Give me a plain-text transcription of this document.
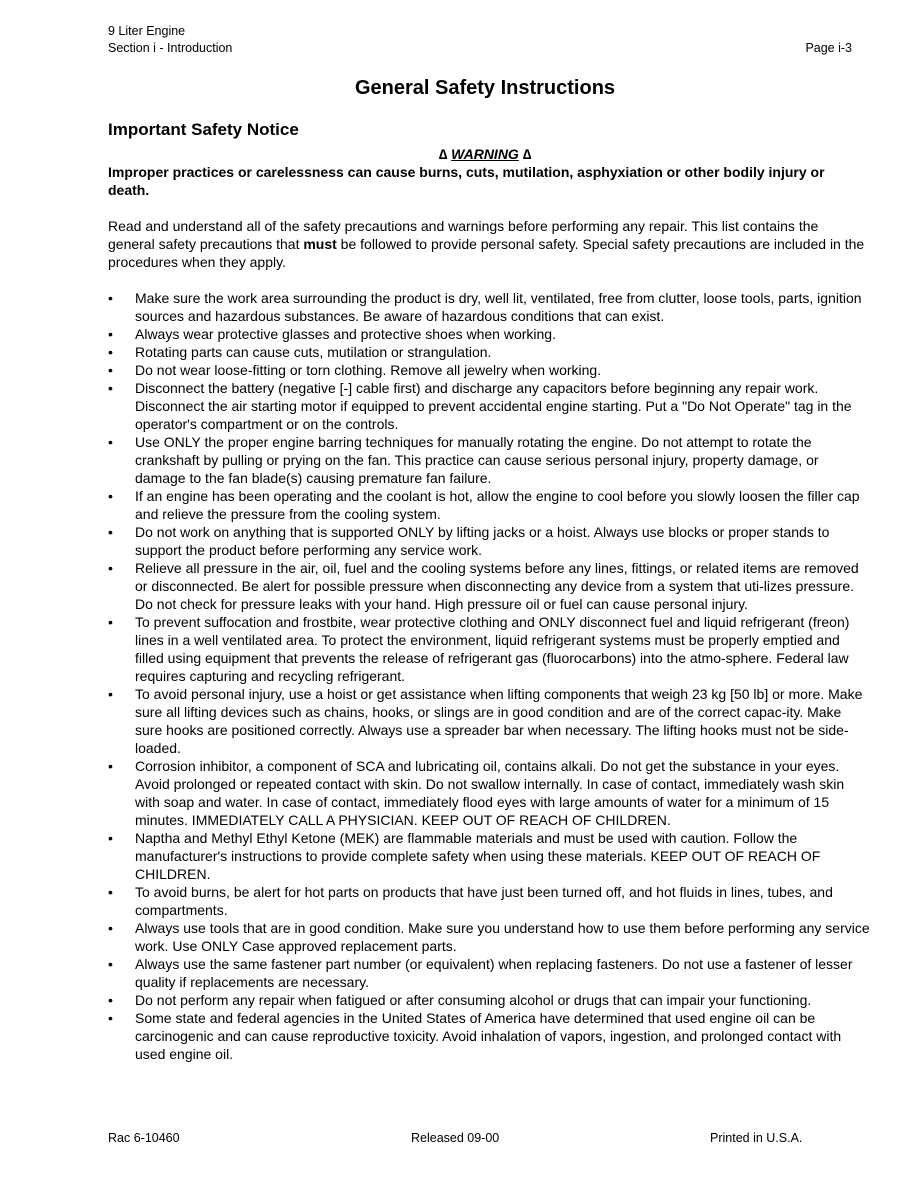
9 Liter Engine
Section i - Introduction	Page i-3
General Safety Instructions
Important Safety Notice
∆ WARNING ∆
Improper practices or carelessness can cause burns, cuts, mutilation, asphyxiation or other bodily injury or death.
Read and understand all of the safety precautions and warnings before performing any repair. This list contains the general safety precautions that must be followed to provide personal safety. Special safety precautions are included in the procedures when they apply.
• Make sure the work area surrounding the product is dry, well lit, ventilated, free from clutter, loose tools, parts, ignition sources and hazardous substances. Be aware of hazardous conditions that can exist.
• Always wear protective glasses and protective shoes when working.
• Rotating parts can cause cuts, mutilation or strangulation.
• Do not wear loose-fitting or torn clothing. Remove all jewelry when working.
• Disconnect the battery (negative [-] cable first) and discharge any capacitors before beginning any repair work. Disconnect the air starting motor if equipped to prevent accidental engine starting. Put a "Do Not Operate" tag in the operator's compartment or on the controls.
• Use ONLY the proper engine barring techniques for manually rotating the engine. Do not attempt to rotate the crankshaft by pulling or prying on the fan. This practice can cause serious personal injury, property damage, or damage to the fan blade(s) causing premature fan failure.
• If an engine has been operating and the coolant is hot, allow the engine to cool before you slowly loosen the filler cap and relieve the pressure from the cooling system.
• Do not work on anything that is supported ONLY by lifting jacks or a hoist. Always use blocks or proper stands to support the product before performing any service work.
• Relieve all pressure in the air, oil, fuel and the cooling systems before any lines, fittings, or related items are removed or disconnected. Be alert for possible pressure when disconnecting any device from a system that uti-lizes pressure. Do not check for pressure leaks with your hand. High pressure oil or fuel can cause personal injury.
• To prevent suffocation and frostbite, wear protective clothing and ONLY disconnect fuel and liquid refrigerant (freon) lines in a well ventilated area. To protect the environment, liquid refrigerant systems must be properly emptied and filled using equipment that prevents the release of refrigerant gas (fluorocarbons) into the atmo-sphere. Federal law requires capturing and recycling refrigerant.
• To avoid personal injury, use a hoist or get assistance when lifting components that weigh 23 kg [50 lb] or more. Make sure all lifting devices such as chains, hooks, or slings are in good condition and are of the correct capac-ity. Make sure hooks are positioned correctly. Always use a spreader bar when necessary. The lifting hooks must not be side-loaded.
• Corrosion inhibitor, a component of SCA and lubricating oil, contains alkali. Do not get the substance in your eyes. Avoid prolonged or repeated contact with skin. Do not swallow internally. In case of contact, immediately wash skin with soap and water. In case of contact, immediately flood eyes with large amounts of water for a minimum of 15 minutes. IMMEDIATELY CALL A PHYSICIAN. KEEP OUT OF REACH OF CHILDREN.
• Naptha and Methyl Ethyl Ketone (MEK) are flammable materials and must be used with caution. Follow the manufacturer's instructions to provide complete safety when using these materials. KEEP OUT OF REACH OF CHILDREN.
• To avoid burns, be alert for hot parts on products that have just been turned off, and hot fluids in lines, tubes, and compartments.
• Always use tools that are in good condition. Make sure you understand how to use them before performing any service work. Use ONLY Case approved replacement parts.
• Always use the same fastener part number (or equivalent) when replacing fasteners. Do not use a fastener of lesser quality if replacements are necessary.
• Do not perform any repair when fatigued or after consuming alcohol or drugs that can impair your functioning.
• Some state and federal agencies in the United States of America have determined that used engine oil can be carcinogenic and can cause reproductive toxicity. Avoid inhalation of vapors, ingestion, and prolonged contact with used engine oil.
Rac 6-10460	Released 09-00	Printed in U.S.A.
